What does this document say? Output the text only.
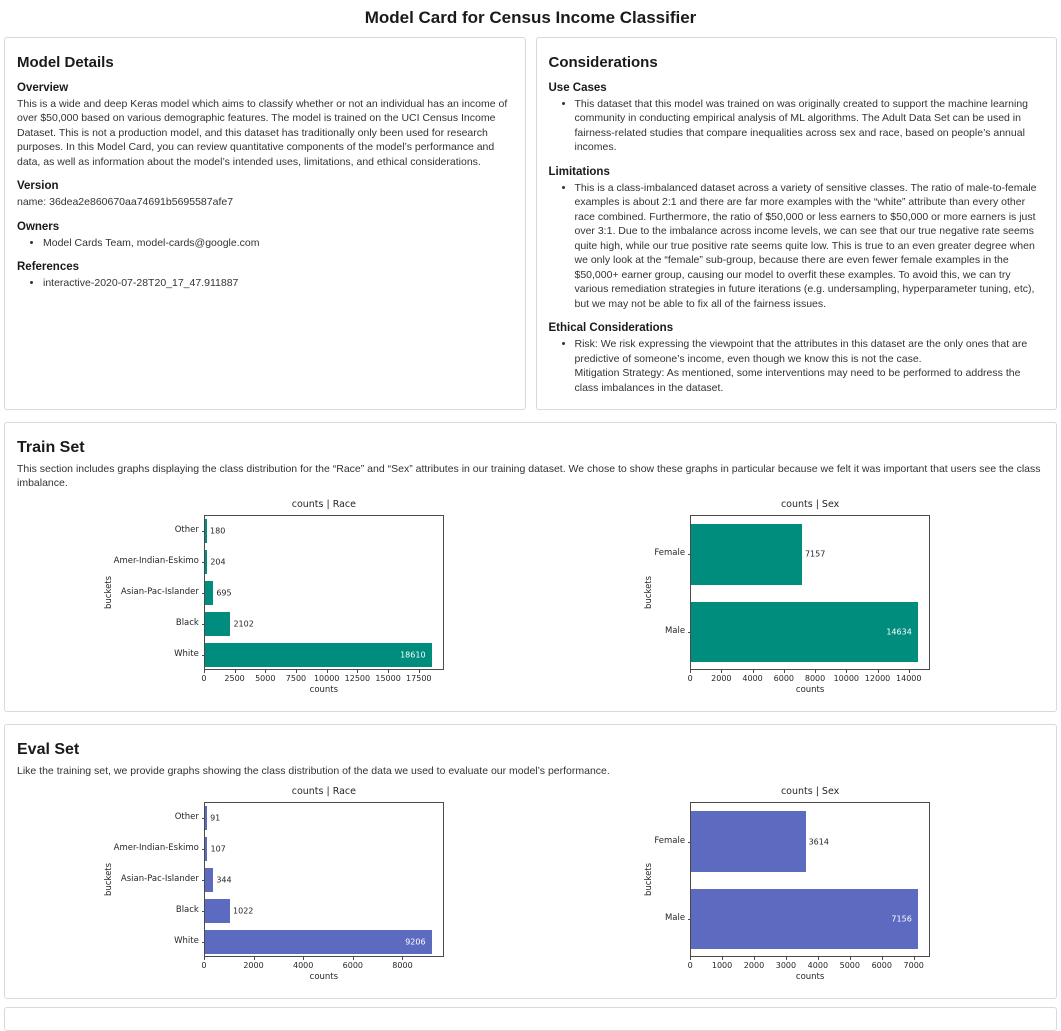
Model Card for Census Income Classifier
Model Details
Overview

This is a wide and deep Keras model which aims to classify whether or not an individual has an income of over $50,000 based on various demographic features. The model is trained on the UCI Census Income Dataset. This is not a production model, and this dataset has traditionally only been used for research purposes. In this Model Card, you can review quantitative components of the model’s performance and data, as well as information about the model’s intended uses, limitations, and ethical considerations.

Version

name: 36dea2e860670aa74691b5695587afe7

Owners
• Model Cards Team, model-cards@google.com
References
• interactive-2020-07-28T20_17_47.911887
Considerations
Use Cases
• This dataset that this model was trained on was originally created to support the machine learning community in conducting empirical analysis of ML algorithms. The Adult Data Set can be used in fairness-related studies that compare inequalities across sex and race, based on people’s annual incomes.
Limitations
• This is a class-imbalanced dataset across a variety of sensitive classes. The ratio of male-to-female examples is about 2:1 and there are far more examples with the “white” attribute than every other race combined. Furthermore, the ratio of $50,000 or less earners to $50,000 or more earners is just over 3:1. Due to the imbalance across income levels, we can see that our true negative rate seems quite high, while our true positive rate seems quite low. This is true to an even greater degree when we only look at the “female” sub-group, because there are even fewer female examples in the $50,000+ earner group, causing our model to overfit these examples. To avoid this, we can try various remediation strategies in future iterations (e.g. undersampling, hyperparameter tuning, etc), but we may not be able to fix all of the fairness issues.
Ethical Considerations
• Risk: We risk expressing the viewpoint that the attributes in this dataset are the only ones that are predictive of someone’s income, even though we know this is not the case.
Mitigation Strategy: As mentioned, some interventions may need to be performed to address the class imbalances in the dataset.
Train Set

This section includes graphs displaying the class distribution for the “Race” and “Sex” attributes in our training dataset. We chose to show these graphs in particular because we felt it was important that users see the class imbalance.

buckets
Other
Amer-Indian-Eskimo
Asian-Pac-Islander
Black
White
counts | Race
180
204
695
2102
18610
0 2500 5000 7500 10000 12500 15000 17500
counts
buckets
Female
Male
counts | Sex
7157
14634
0 2000 4000 6000 8000 10000 12000 14000
counts
Eval Set

Like the training set, we provide graphs showing the class distribution of the data we used to evaluate our model’s performance.

buckets
Other
Amer-Indian-Eskimo
Asian-Pac-Islander
Black
White
counts | Race
91
107
344
1022
9206
0	2000	4000	6000	8000
counts
buckets
Female
Male
counts | Sex
3614
7156
0 1000 2000 3000 4000 5000 6000 7000
counts
